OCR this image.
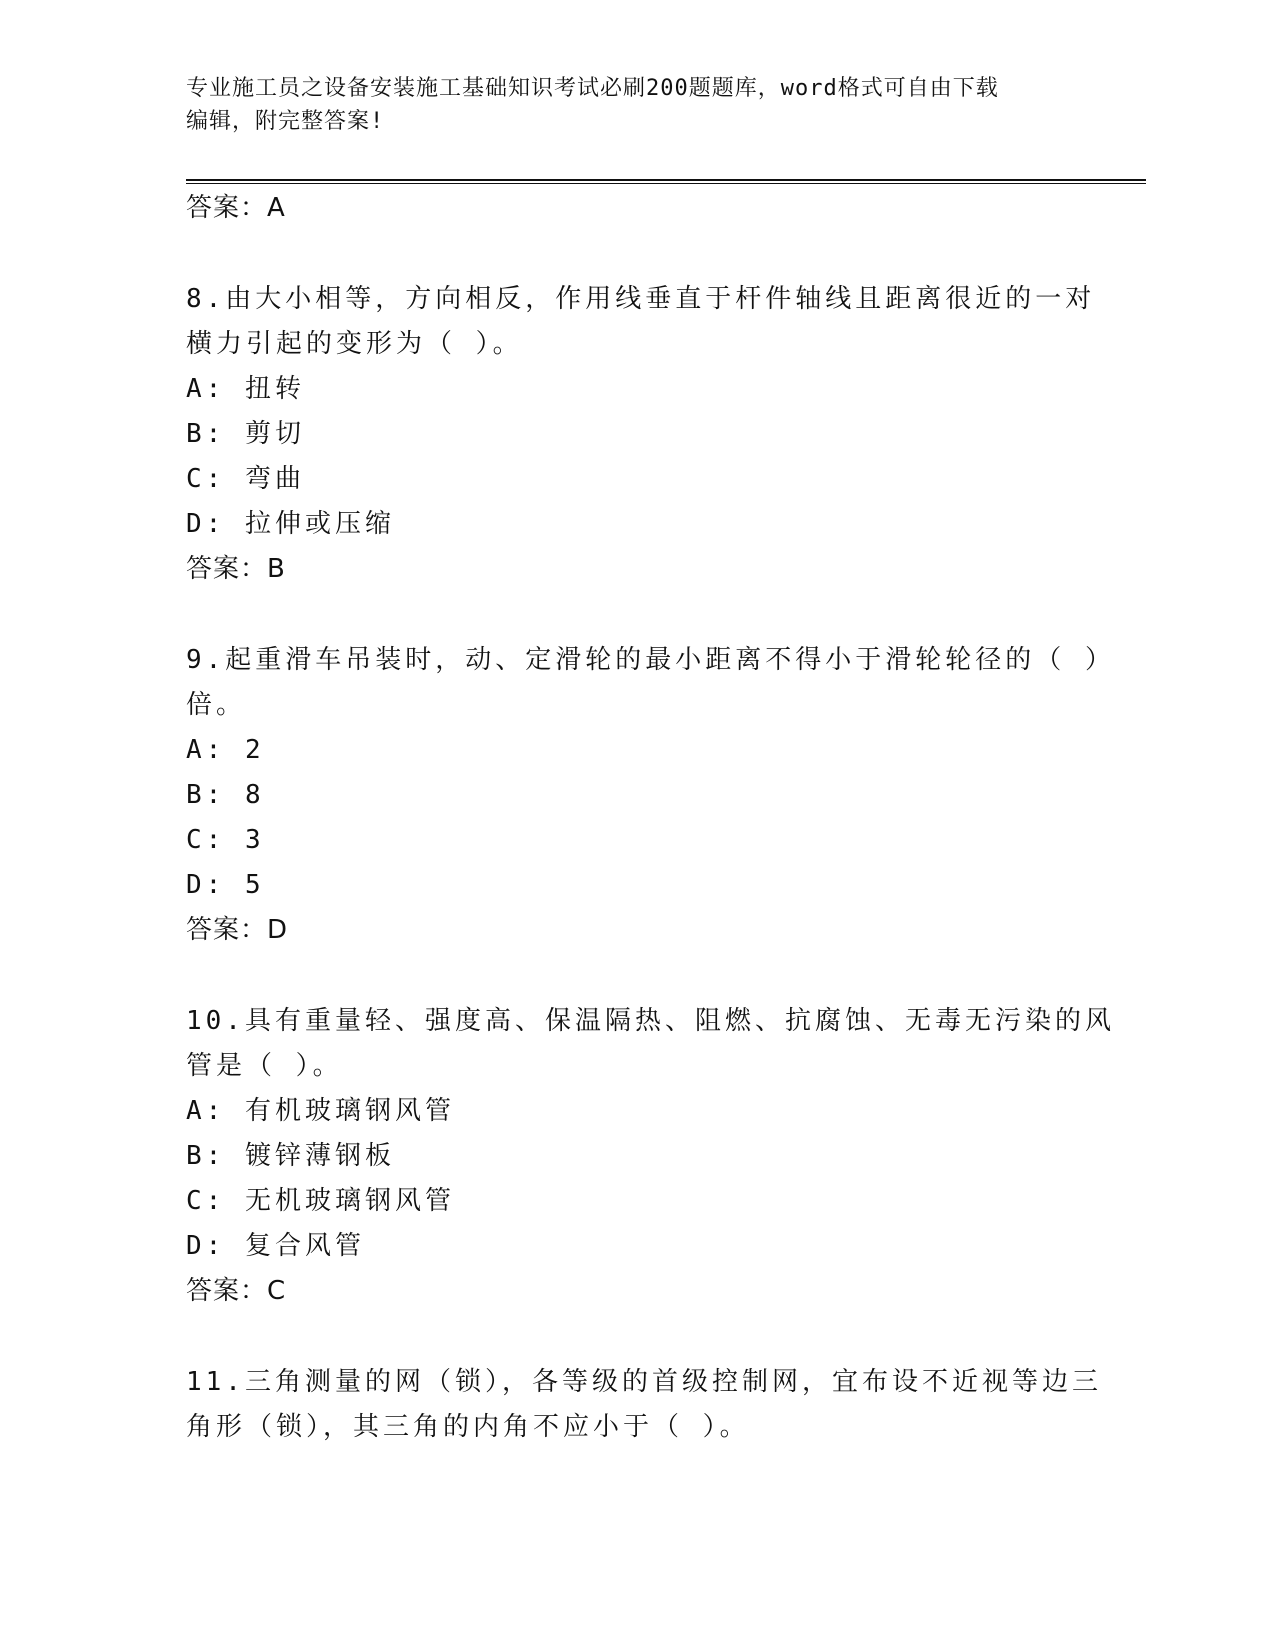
专业施工员之设备安装施工基础知识考试必刷200题题库，word格式可自由下载
编辑，附完整答案!
答案：A
8.由大小相等，方向相反，作用线垂直于杆件轴线且距离很近的一对
横力引起的变形为（ ）。
A: 扭转
B: 剪切
C: 弯曲
D: 拉伸或压缩
答案：B
9.起重滑车吊装时，动、定滑轮的最小距离不得小于滑轮轮径的（ ）
倍。
A: 2
B: 8
C: 3
D: 5
答案：D
10.具有重量轻、强度高、保温隔热、阻燃、抗腐蚀、无毒无污染的风
管是（ ）。
A: 有机玻璃钢风管
B: 镀锌薄钢板
C: 无机玻璃钢风管
D: 复合风管
答案：C
11.三角测量的网（锁），各等级的首级控制网，宜布设不近视等边三
角形（锁），其三角的内角不应小于（ ）。
